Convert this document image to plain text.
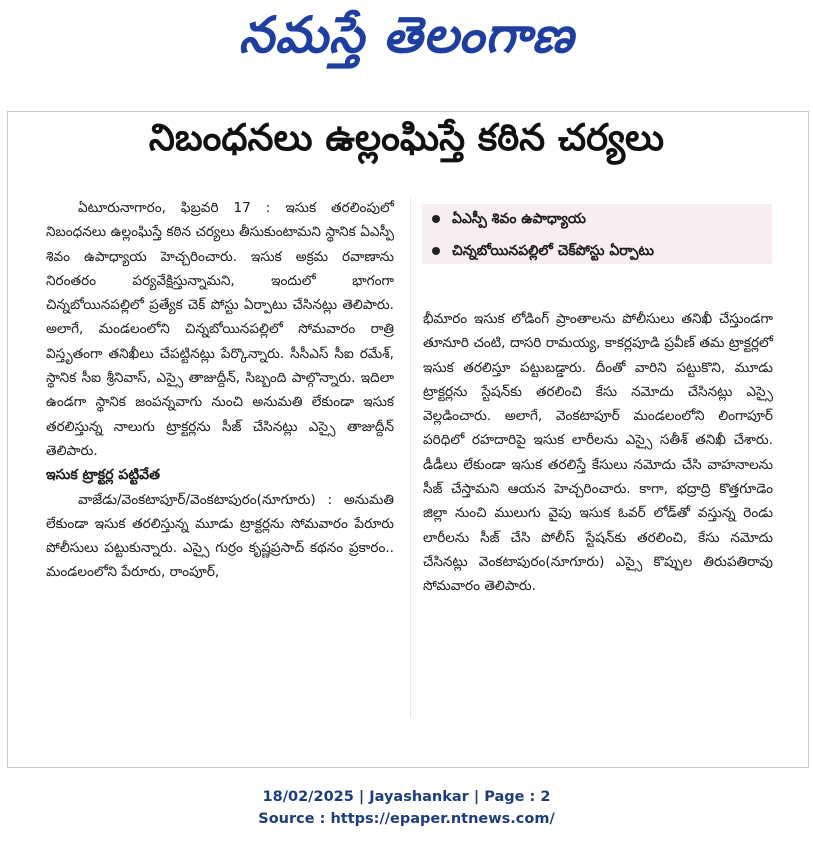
నమస్తే తెలంగాణ
నిబంధనలు ఉల్లంఘిస్తే కఠిన చర్యలు

ఏటూరునాగారం, ఫిబ్రవరి 17 : ఇసుక తరలింపులో నిబంధనలు ఉల్లంఘిస్తే కఠిన చర్యలు తీసుకుంటామని స్థానిక ఏఎస్పీ శివం ఉపాధ్యాయ హెచ్చరించారు. ఇసుక అక్రమ రవాణాను నిరంతరం పర్యవేక్షిస్తున్నామని, ఇందులో భాగంగా చిన్నబోయినపల్లిలో ప్రత్యేక చెక్ పోస్టు ఏర్పాటు చేసినట్లు తెలిపారు. అలాగే, మండలంలోని చిన్నబోయినపల్లిలో సోమవారం రాత్రి విస్తృతంగా తనిఖీలు చేపట్టినట్లు పేర్కొన్నారు. సీసీఎస్ సీఐ రమేశ్, స్థానిక సీఐ శ్రీనివాస్, ఎస్సై తాజుద్దీన్, సిబ్బంది పాల్గొన్నారు. ఇదిలా ఉండగా స్థానిక జంపన్నవాగు నుంచి అనుమతి లేకుండా ఇసుక తరలిస్తున్న నాలుగు ట్రాక్టర్లను సీజ్ చేసినట్లు ఎస్సై తాజుద్దీన్ తెలిపారు.

ఇసుక ట్రాక్టర్ల పట్టివేత

వాజేడు/వెంకటాపూర్/వెంకటాపురం(నూగూరు) : అనుమతి లేకుండా ఇసుక తరలిస్తున్న మూడు ట్రాక్టర్లను సోమవారం పేరూరు పోలీసులు పట్టుకున్నారు. ఎస్సై గుర్రం కృష్ణప్రసాద్ కథనం ప్రకారం.. మండలంలోని పేరూరు, రాంపూర్,

ఏఎస్పీ శివం ఉపాధ్యాయ
చిన్నబోయినపల్లిలో చెక్‌పోస్టు ఏర్పాటు

భీమారం ఇసుక లోడింగ్ ప్రాంతాలను పోలీసులు తనిఖీ చేస్తుండగా తూనూరి చంటి, దాసరి రామయ్య, కాకర్లపూడి ప్రవీణ్ తమ ట్రాక్టర్లలో ఇసుక తరలిస్తూ పట్టుబడ్డారు. దీంతో వారిని పట్టుకొని, మూడు ట్రాక్టర్లను స్టేషన్‌కు తరలించి కేసు నమోదు చేసినట్లు ఎస్సై వెల్లడించారు. అలాగే, వెంకటాపూర్ మండలంలోని లింగాపూర్ పరిధిలో రహదారిపై ఇసుక లారీలను ఎస్సై సతీశ్ తనిఖీ చేశారు. డీడీలు లేకుండా ఇసుక తరలిస్తే కేసులు నమోదు చేసి వాహనాలను సీజ్ చేస్తామని ఆయన హెచ్చరించారు. కాగా, భద్రాద్రి కొత్తగూడెం జిల్లా నుంచి ములుగు వైపు ఇసుక ఓవర్ లోడ్‌తో వస్తున్న రెండు లారీలను సీజ్ చేసి పోలీస్ స్టేషన్‌కు తరలించి, కేసు నమోదు చేసినట్లు వెంకటాపురం(నూగూరు) ఎస్సై కొప్పుల తిరుపతిరావు సోమవారం తెలిపారు.

18/02/2025 | Jayashankar | Page : 2
Source : https://epaper.ntnews.com/
